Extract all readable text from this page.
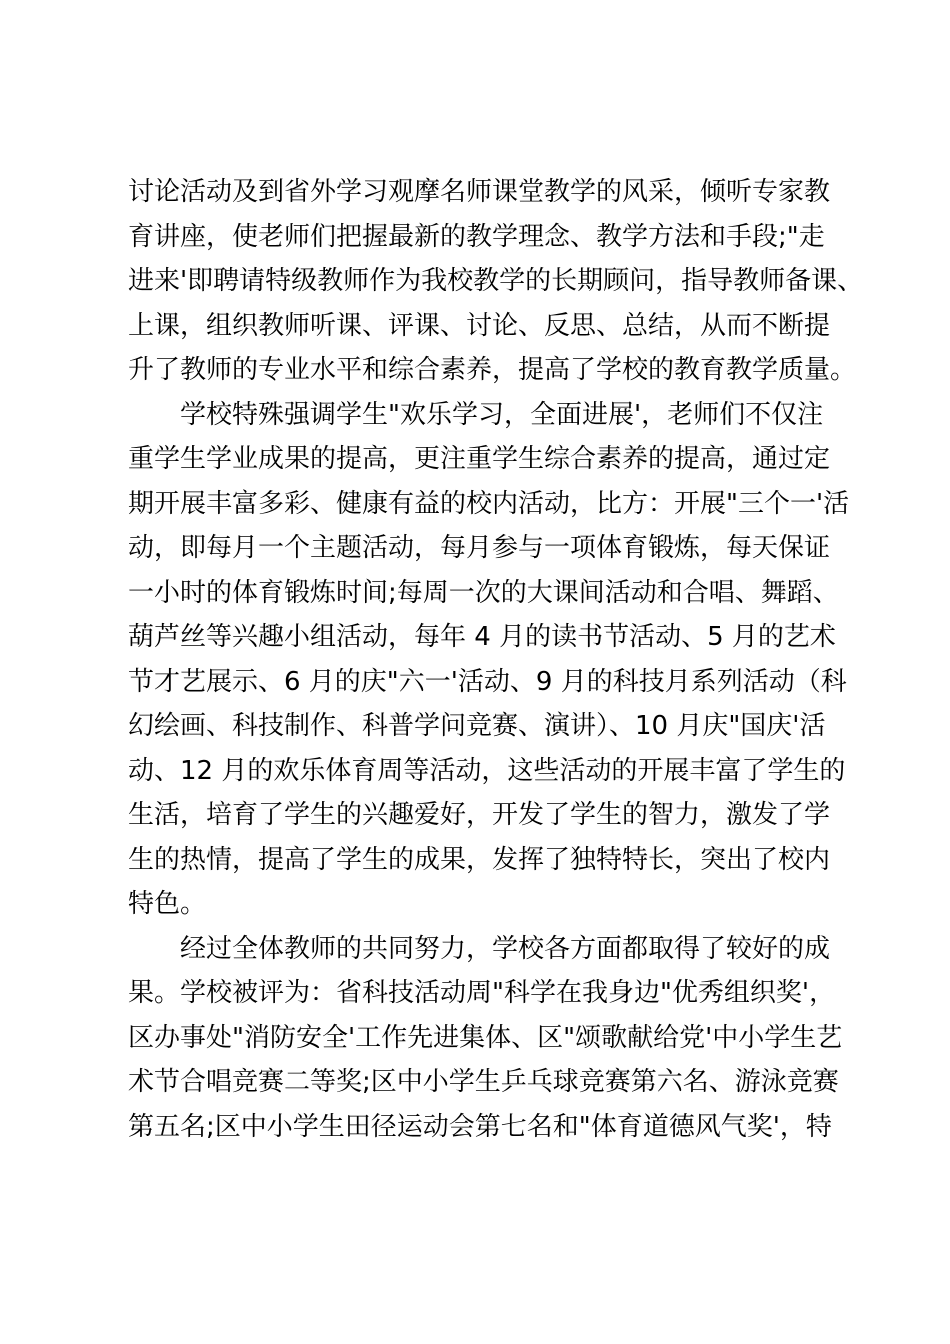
讨论活动及到省外学习观摩名师课堂教学的风采，倾听专家教
育讲座，使老师们把握最新的教学理念、教学方法和手段;"走
进来'即聘请特级教师作为我校教学的长期顾问，指导教师备课、
上课，组织教师听课、评课、讨论、反思、总结，从而不断提
升了教师的专业水平和综合素养，提高了学校的教育教学质量。
学校特殊强调学生"欢乐学习，全面进展'，老师们不仅注
重学生学业成果的提高，更注重学生综合素养的提高，通过定
期开展丰富多彩、健康有益的校内活动，比方：开展"三个一'活
动，即每月一个主题活动，每月参与一项体育锻炼，每天保证
一小时的体育锻炼时间;每周一次的大课间活动和合唱、舞蹈、
葫芦丝等兴趣小组活动，每年 4 月的读书节活动、5 月的艺术
节才艺展示、6 月的庆"六一'活动、9 月的科技月系列活动（科
幻绘画、科技制作、科普学问竞赛、演讲）、10 月庆"国庆'活
动、12 月的欢乐体育周等活动，这些活动的开展丰富了学生的
生活，培育了学生的兴趣爱好，开发了学生的智力，激发了学
生的热情，提高了学生的成果，发挥了独特特长，突出了校内
特色。
经过全体教师的共同努力，学校各方面都取得了较好的成
果。学校被评为：省科技活动周"科学在我身边"优秀组织奖'，
区办事处"消防安全'工作先进集体、区"颂歌献给党'中小学生艺
术节合唱竞赛二等奖;区中小学生乒乓球竞赛第六名、游泳竞赛
第五名;区中小学生田径运动会第七名和"体育道德风气奖'，特
